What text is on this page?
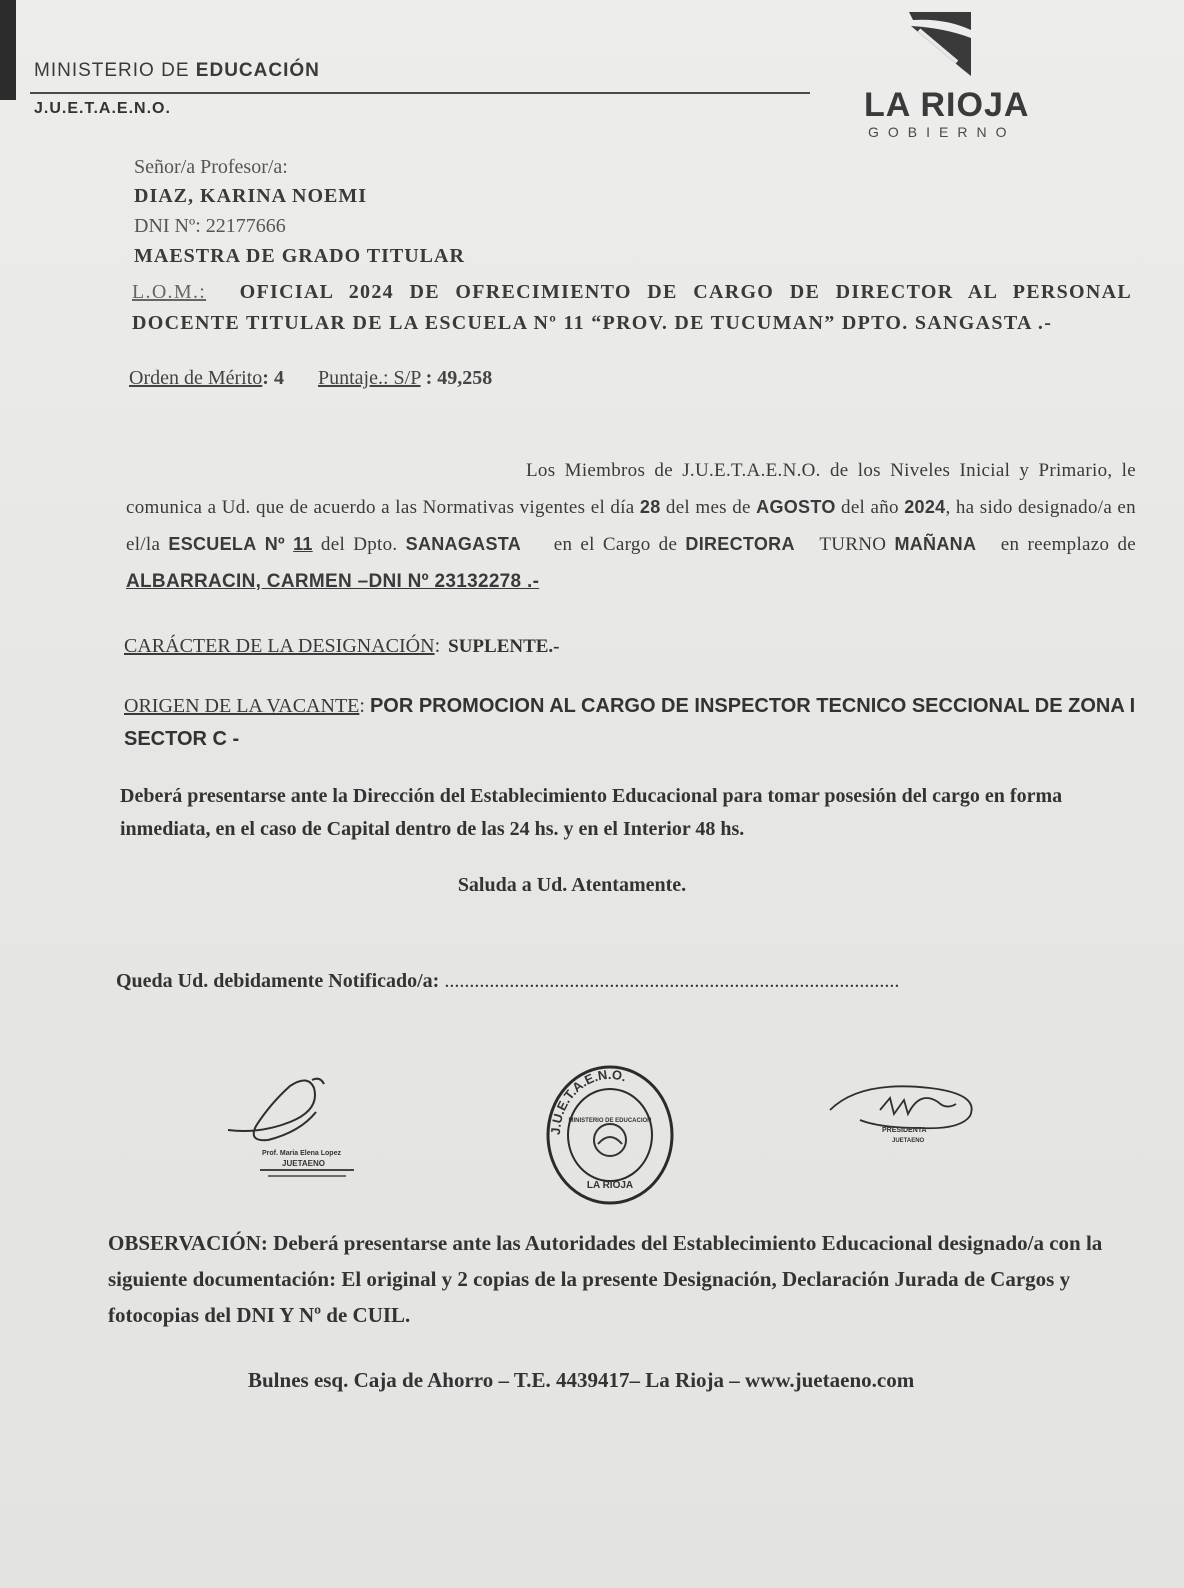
MINISTERIO DE EDUCACIÓN
J.U.E.T.A.E.N.O.	LA RIOJA
GOBIERNO
Señor/a Profesor/a:
DIAZ, KARINA NOEMI
DNI Nº: 22177666
MAESTRA DE GRADO TITULAR
L.O.M.: OFICIAL 2024 DE OFRECIMIENTO DE CARGO DE DIRECTOR AL PERSONAL DOCENTE TITULAR DE LA ESCUELA Nº 11 “PROV. DE TUCUMAN” DPTO. SANGASTA .-
Orden de Mérito: 4 Puntaje.: S/P : 49,258
Los Miembros de J.U.E.T.A.E.N.O. de los Niveles Inicial y Primario, le comunica a Ud. que de acuerdo a las Normativas vigentes el día 28 del mes de AGOSTO del año 2024, ha sido designado/a en el/la ESCUELA Nº 11 del Dpto. SANAGASTA en el Cargo de DIRECTORA TURNO MAÑANA en reemplazo de ALBARRACIN, CARMEN –DNI Nº 23132278 .-
CARÁCTER DE LA DESIGNACIÓN: SUPLENTE.-
ORIGEN DE LA VACANTE: POR PROMOCION AL CARGO DE INSPECTOR TECNICO SECCIONAL DE ZONA I SECTOR C -
Deberá presentarse ante la Dirección del Establecimiento Educacional para tomar posesión del cargo en forma inmediata, en el caso de Capital dentro de las 24 hs. y en el Interior 48 hs.
Saluda a Ud. Atentamente.
Queda Ud. debidamente Notificado/a: ...........................................................................................
Prof. Maria Elena Lopez
JUETAENO
J.U.E.T.A.E.N.O.
MINISTERIO DE EDUCACION
LA RIOJA
PRESIDENTA
JUETAENO
OBSERVACIÓN: Deberá presentarse ante las Autoridades del Establecimiento Educacional designado/a con la siguiente documentación: El original y 2 copias de la presente Designación, Declaración Jurada de Cargos y fotocopias del DNI Y Nº de CUIL.
Bulnes esq. Caja de Ahorro – T.E. 4439417– La Rioja – www.juetaeno.com
